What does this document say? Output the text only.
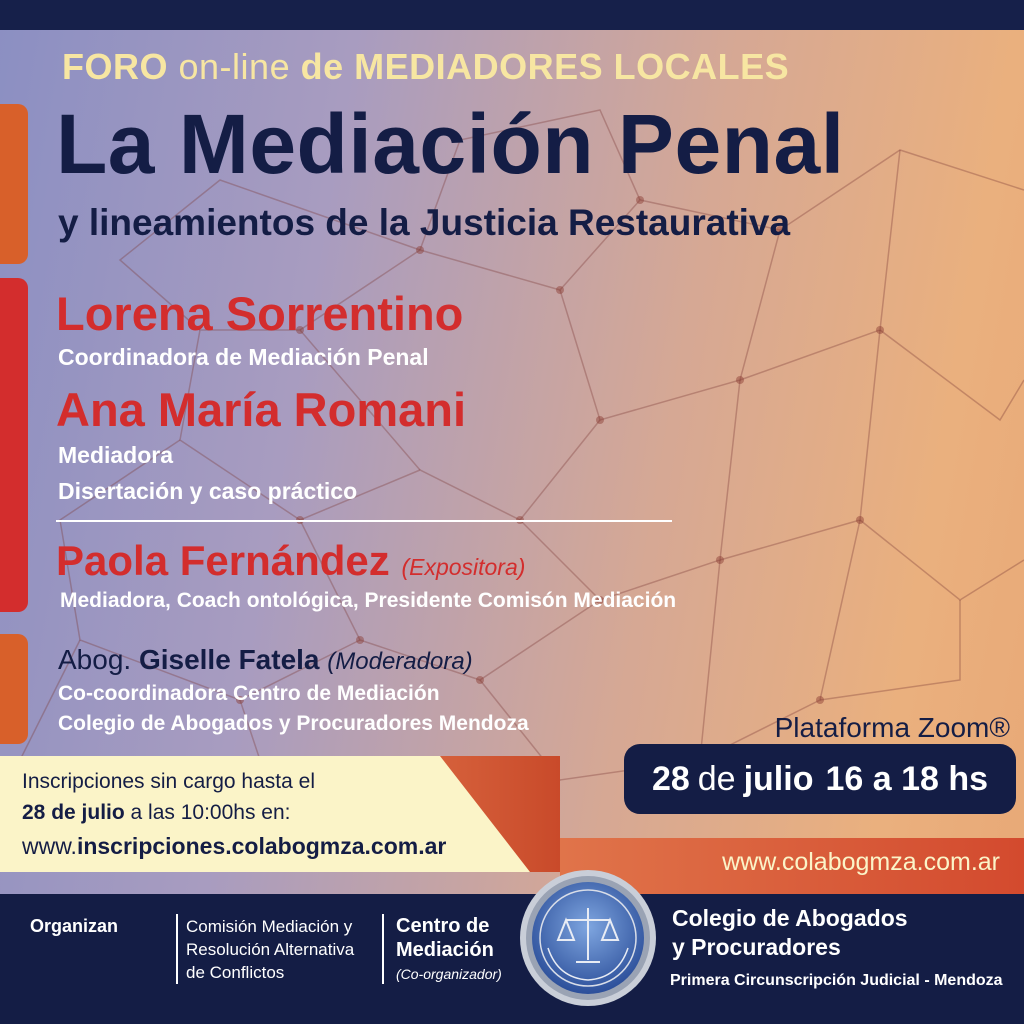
FORO on-line de MEDIADORES LOCALES
La Mediación Penal
y lineamientos de la Justicia Restaurativa
Lorena Sorrentino
Coordinadora de Mediación Penal
Ana María Romani
Mediadora
Disertación y caso práctico
Paola Fernández (Expositora)
Mediadora, Coach ontológica, Presidente Comisón Mediación
Abog. Giselle Fatela (Moderadora)
Co-coordinadora Centro de Mediación
Colegio de Abogados y Procuradores Mendoza	Plataforma Zoom®
28 de julio 16 a 18 hs
Inscripciones sin cargo hasta el
28 de julio a las 10:00hs en:
www.inscripciones.colabogmza.com.ar
www.colabogmza.com.ar
Organizan	Comisión Mediación y Resolución Alternativa de Conflictos
Centro de
Mediación
(Co-organizador)
Colegio de Abogados
y Procuradores
Primera Circunscripción Judicial - Mendoza
